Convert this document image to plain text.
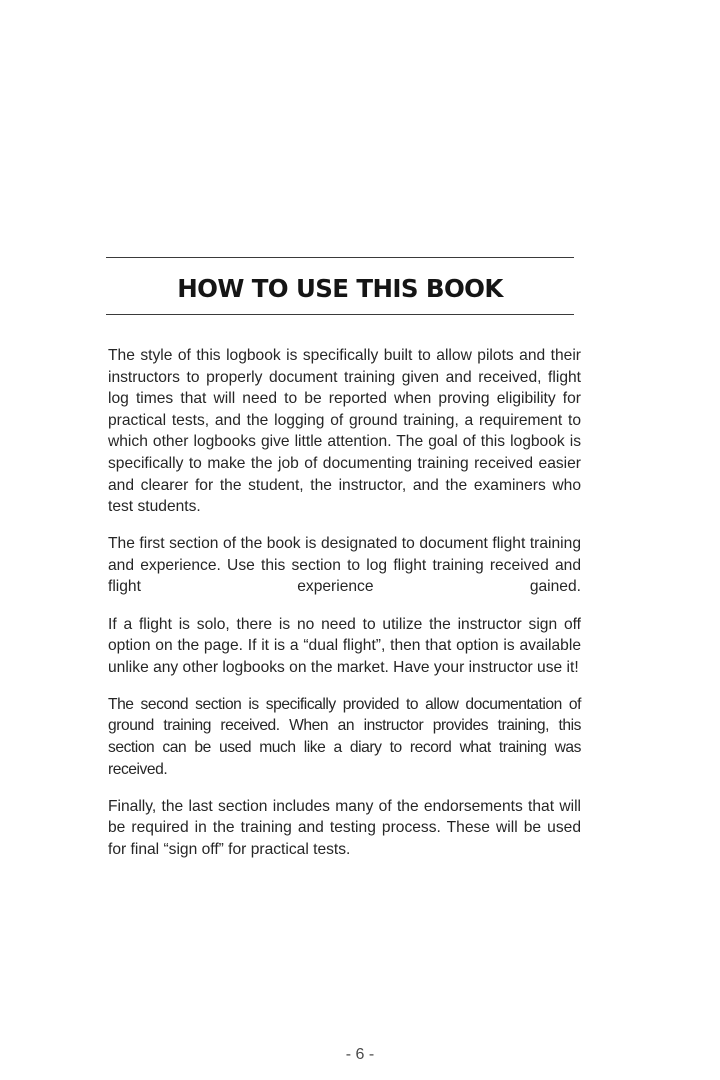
HOW TO USE THIS BOOK

The style of this logbook is specifically built to allow pilots and their instructors to properly document training given and received, flight log times that will need to be reported when proving eligibility for practical tests, and the logging of ground training, a requirement to which other logbooks give little attention. The goal of this logbook is specifically to make the job of documenting training received easier and clearer for the student, the instructor, and the examiners who test students.

The first section of the book is designated to document flight training and experience. Use this section to log flight training received and flight experience gained.

If a flight is solo, there is no need to utilize the instructor sign off option on the page. If it is a “dual flight”, then that option is available unlike any other logbooks on the market. Have your instructor use it!

The second section is specifically provided to allow documentation of ground training received. When an instructor provides training, this section can be used much like a diary to record what training was received.

Finally, the last section includes many of the endorsements that will be required in the training and testing process. These will be used for final “sign off” for practical tests.

- 6 -
